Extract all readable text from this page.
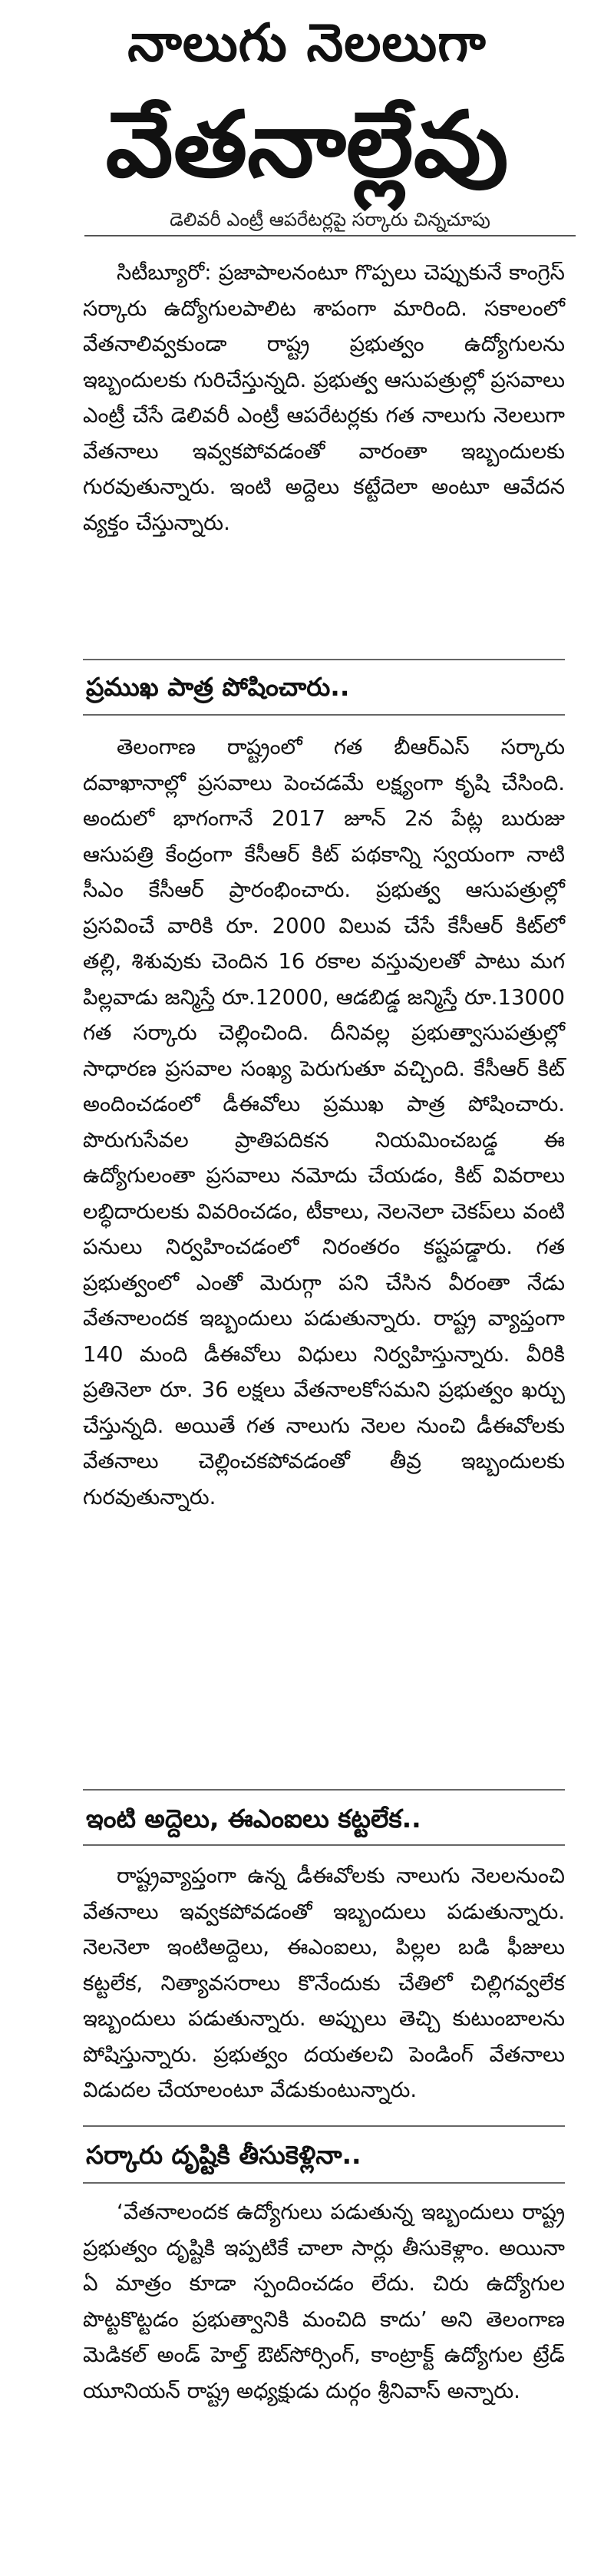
నాలుగు నెలలుగా
వేతనాల్లేవు
డెలివరీ ఎంట్రీ ఆపరేటర్లపై సర్కారు చిన్నచూపు

సిటీబ్యూరో: ప్రజాపాలనంటూ గొప్పలు చెప్పుకునే కాంగ్రెస్ సర్కారు ఉద్యోగులపాలిట శాపంగా మారింది. సకాలంలో వేతనాలివ్వకుండా రాష్ట్ర ప్రభుత్వం ఉద్యోగులను ఇబ్బందులకు గురిచేస్తున్నది. ప్రభుత్వ ఆసుపత్రుల్లో ప్రసవాలు ఎంట్రీ చేసే డెలివరీ ఎంట్రీ ఆపరేటర్లకు గత నాలుగు నెలలుగా వేతనాలు ఇవ్వకపోవడంతో వారంతా ఇబ్బందులకు గురవుతున్నారు. ఇంటి అద్దెలు కట్టేదెలా అంటూ ఆవేదన వ్యక్తం చేస్తున్నారు.

ప్రముఖ పాత్ర పోషించారు..

తెలంగాణ రాష్ట్రంలో గత బీఆర్ఎస్ సర్కారు దవాఖానాల్లో ప్రసవాలు పెంచడమే లక్ష్యంగా కృషి చేసింది. అందులో భాగంగానే 2017 జూన్ 2న పేట్ల బురుజు ఆసుపత్రి కేంద్రంగా కేసీఆర్ కిట్ పథకాన్ని స్వయంగా నాటి సీఎం కేసీఆర్ ప్రారంభించారు. ప్రభుత్వ ఆసుపత్రుల్లో ప్రసవించే వారికి రూ. 2000 విలువ చేసే కేసీఆర్ కిట్‌లో తల్లి, శిశువుకు చెందిన 16 రకాల వస్తువులతో పాటు మగ పిల్లవాడు జన్మిస్తే రూ.12000, ఆడబిడ్డ జన్మిస్తే రూ.13000 గత సర్కారు చెల్లించింది. దీనివల్ల ప్రభుత్వాసుపత్రుల్లో సాధారణ ప్రసవాల సంఖ్య పెరుగుతూ వచ్చింది. కేసీఆర్ కిట్ అందించడంలో డీఈవోలు ప్రముఖ పాత్ర పోషించారు. పొరుగుసేవల ప్రాతిపదికన నియమించబడ్డ ఈ ఉద్యోగులంతా ప్రసవాలు నమోదు చేయడం, కిట్ వివరాలు లబ్ధిదారులకు వివరించడం, టీకాలు, నెలనెలా చెకప్‌లు వంటి పనులు నిర్వహించడంలో నిరంతరం కష్టపడ్డారు. గత ప్రభుత్వంలో ఎంతో మెరుగ్గా పని చేసిన వీరంతా నేడు వేతనాలందక ఇబ్బందులు పడుతున్నారు. రాష్ట్ర వ్యాప్తంగా 140 మంది డీఈవోలు విధులు నిర్వహిస్తున్నారు. వీరికి ప్రతినెలా రూ. 36 లక్షలు వేతనాలకోసమని ప్రభుత్వం ఖర్చు చేస్తున్నది. అయితే గత నాలుగు నెలల నుంచి డీఈవోలకు వేతనాలు చెల్లించకపోవడంతో తీవ్ర ఇబ్బందులకు గురవుతున్నారు.

ఇంటి అద్దెలు, ఈఎంఐలు కట్టలేక..

రాష్ట్రవ్యాప్తంగా ఉన్న డీఈవోలకు నాలుగు నెలలనుంచి వేతనాలు ఇవ్వకపోవడంతో ఇబ్బందులు పడుతున్నారు. నెలనెలా ఇంటిఅద్దెలు, ఈఎంఐలు, పిల్లల బడి ఫీజులు కట్టలేక, నిత్యావసరాలు కొనేందుకు చేతిలో చిల్లిగవ్వలేక ఇబ్బందులు పడుతున్నారు. అప్పులు తెచ్చి కుటుంబాలను పోషిస్తున్నారు. ప్రభుత్వం దయతలచి పెండింగ్ వేతనాలు విడుదల చేయాలంటూ వేడుకుంటున్నారు.

సర్కారు దృష్టికి తీసుకెళ్లినా..

‘వేతనాలందక ఉద్యోగులు పడుతున్న ఇబ్బందులు రాష్ట్ర ప్రభుత్వం దృష్టికి ఇప్పటికే చాలా సార్లు తీసుకెళ్లాం. అయినా ఏ మాత్రం కూడా స్పందించడం లేదు. చిరు ఉద్యోగుల పొట్టకొట్టడం ప్రభుత్వానికి మంచిది కాదు’ అని తెలంగాణ మెడికల్ అండ్ హెల్త్ ఔట్‌సోర్సింగ్, కాంట్రాక్ట్ ఉద్యోగుల ట్రేడ్ యూనియన్ రాష్ట్ర అధ్యక్షుడు దుర్గం శ్రీనివాస్ అన్నారు.
